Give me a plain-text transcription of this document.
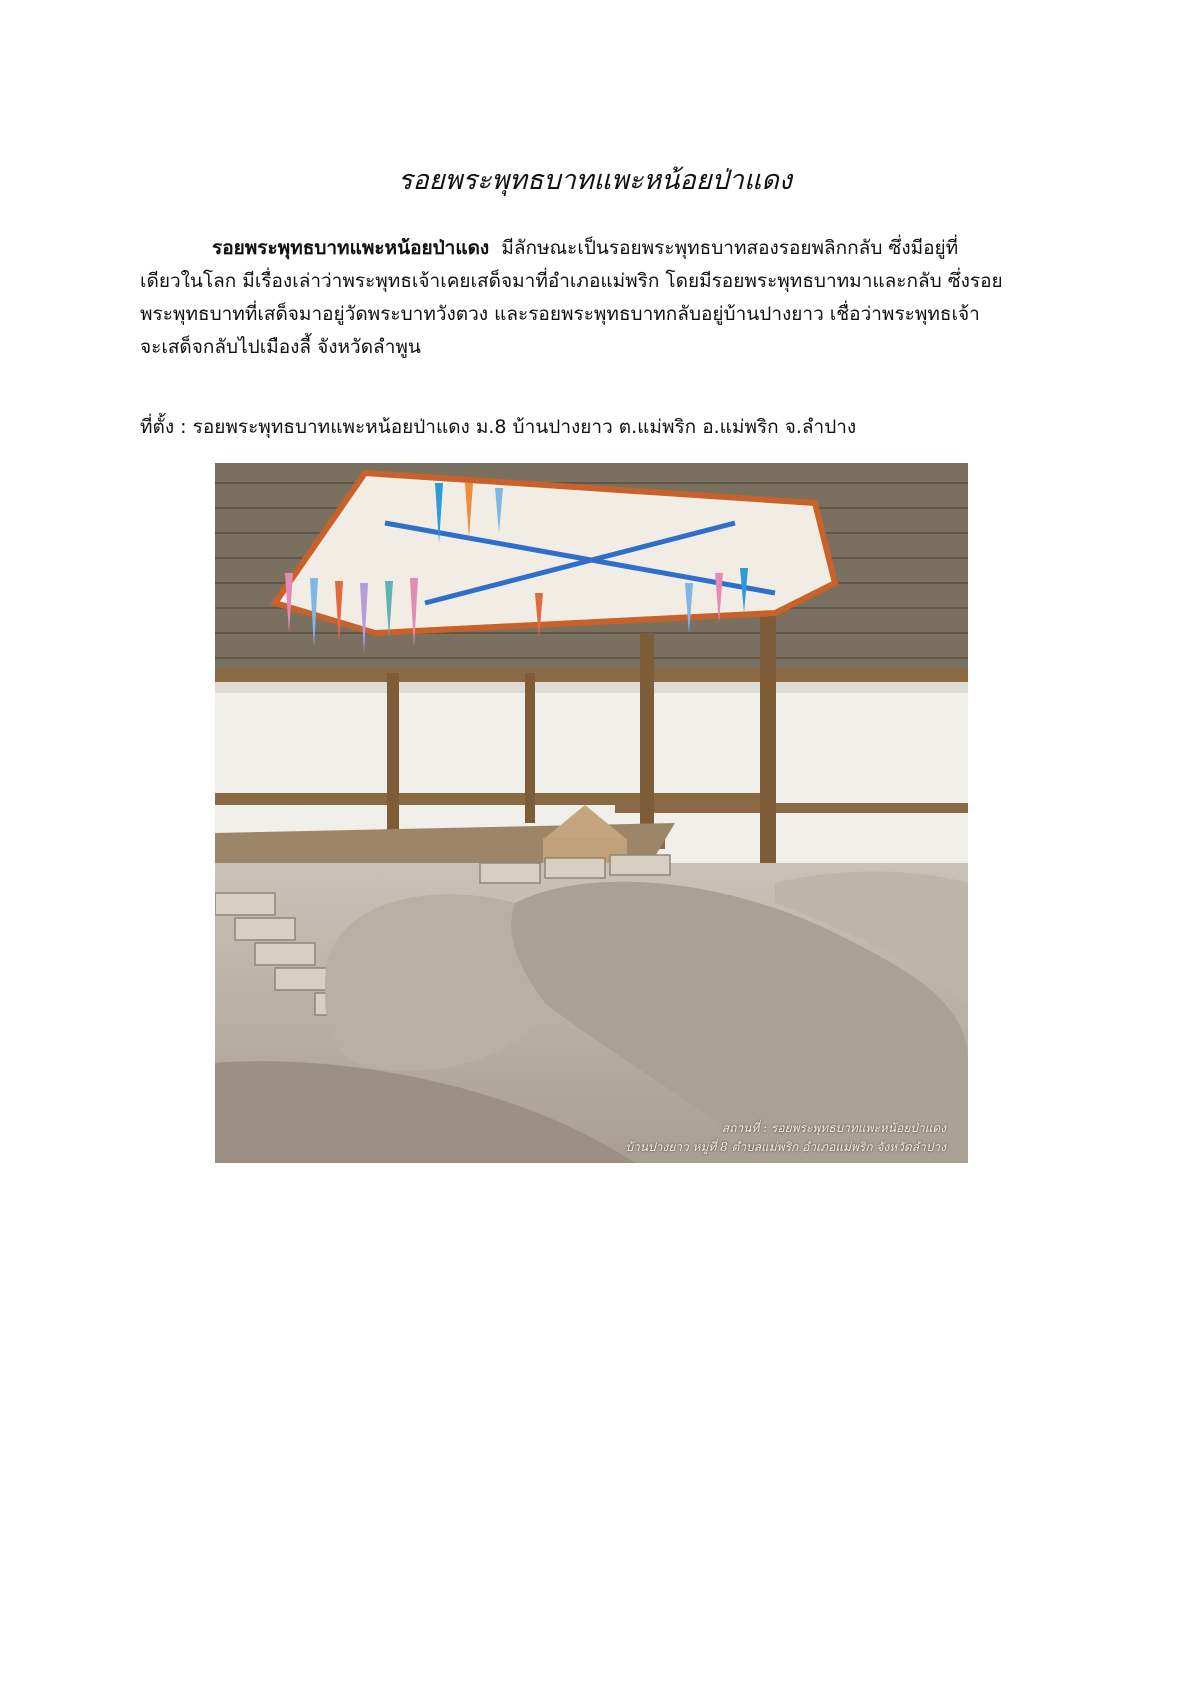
รอยพระพุทธบาทแพะหน้อยป่าแดง
รอยพระพุทธบาทแพะหน้อยป่าแดง มีลักษณะเป็นรอยพระพุทธบาทสองรอยพลิกกลับ ซึ่งมีอยู่ที่
เดียวในโลก มีเรื่องเล่าว่าพระพุทธเจ้าเคยเสด็จมาที่อำเภอแม่พริก โดยมีรอยพระพุทธบาทมาและกลับ ซึ่งรอย
พระพุทธบาทที่เสด็จมาอยู่วัดพระบาทวังตวง และรอยพระพุทธบาทกลับอยู่บ้านปางยาว เชื่อว่าพระพุทธเจ้า
จะเสด็จกลับไปเมืองลี้ จังหวัดลำพูน
ที่ตั้ง : รอยพระพุทธบาทแพะหน้อยป่าแดง ม.8 บ้านปางยาว ต.แม่พริก อ.แม่พริก จ.ลำปาง
สถานที่ : รอยพระพุทธบาทแพะหน้อยป่าแดง
บ้านปางยาว หมู่ที่ 8 ตำบลแม่พริก อำเภอแม่พริก จังหวัดลำปาง
